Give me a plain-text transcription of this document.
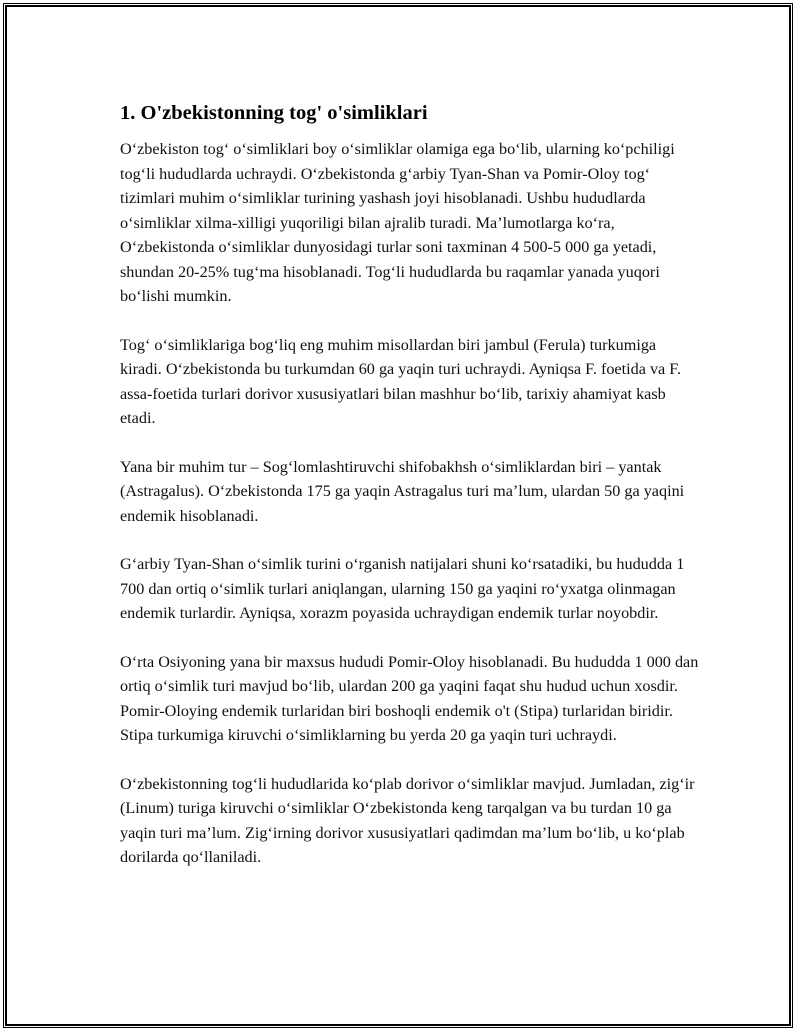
1. O'zbekistonning tog' o'simliklari

O‘zbekiston tog‘ o‘simliklari boy o‘simliklar olamiga ega bo‘lib, ularning ko‘pchiligi tog‘li hududlarda uchraydi. O‘zbekistonda g‘arbiy Tyan-Shan va Pomir-Oloy tog‘ tizimlari muhim o‘simliklar turining yashash joyi hisoblanadi. Ushbu hududlarda o‘simliklar xilma-xilligi yuqoriligi bilan ajralib turadi. Ma’lumotlarga ko‘ra, O‘zbekistonda o‘simliklar dunyosidagi turlar soni taxminan 4 500-5 000 ga yetadi, shundan 20-25% tug‘ma hisoblanadi. Tog‘li hududlarda bu raqamlar yanada yuqori bo‘lishi mumkin.

Tog‘ o‘simliklariga bog‘liq eng muhim misollardan biri jambul (Ferula) turkumiga kiradi. O‘zbekistonda bu turkumdan 60 ga yaqin turi uchraydi. Ayniqsa F. foetida va F. assa-foetida turlari dorivor xususiyatlari bilan mashhur bo‘lib, tarixiy ahamiyat kasb etadi.

Yana bir muhim tur – Sog‘lomlashtiruvchi shifobakhsh o‘simliklardan biri – yantak (Astragalus). O‘zbekistonda 175 ga yaqin Astragalus turi ma’lum, ulardan 50 ga yaqini endemik hisoblanadi.

G‘arbiy Tyan-Shan o‘simlik turini o‘rganish natijalari shuni ko‘rsatadiki, bu hududda 1 700 dan ortiq o‘simlik turlari aniqlangan, ularning 150 ga yaqini ro‘yxatga olinmagan endemik turlardir. Ayniqsa, xorazm poyasida uchraydigan endemik turlar noyobdir.

O‘rta Osiyoning yana bir maxsus hududi Pomir-Oloy hisoblanadi. Bu hududda 1 000 dan ortiq o‘simlik turi mavjud bo‘lib, ulardan 200 ga yaqini faqat shu hudud uchun xosdir. Pomir-Oloying endemik turlaridan biri boshoqli endemik o't (Stipa) turlaridan biridir. Stipa turkumiga kiruvchi o‘simliklarning bu yerda 20 ga yaqin turi uchraydi.

O‘zbekistonning tog‘li hududlarida ko‘plab dorivor o‘simliklar mavjud. Jumladan, zig‘ir (Linum) turiga kiruvchi o‘simliklar O‘zbekistonda keng tarqalgan va bu turdan 10 ga yaqin turi ma’lum. Zig‘irning dorivor xususiyatlari qadimdan ma’lum bo‘lib, u ko‘plab dorilarda qo‘llaniladi.
